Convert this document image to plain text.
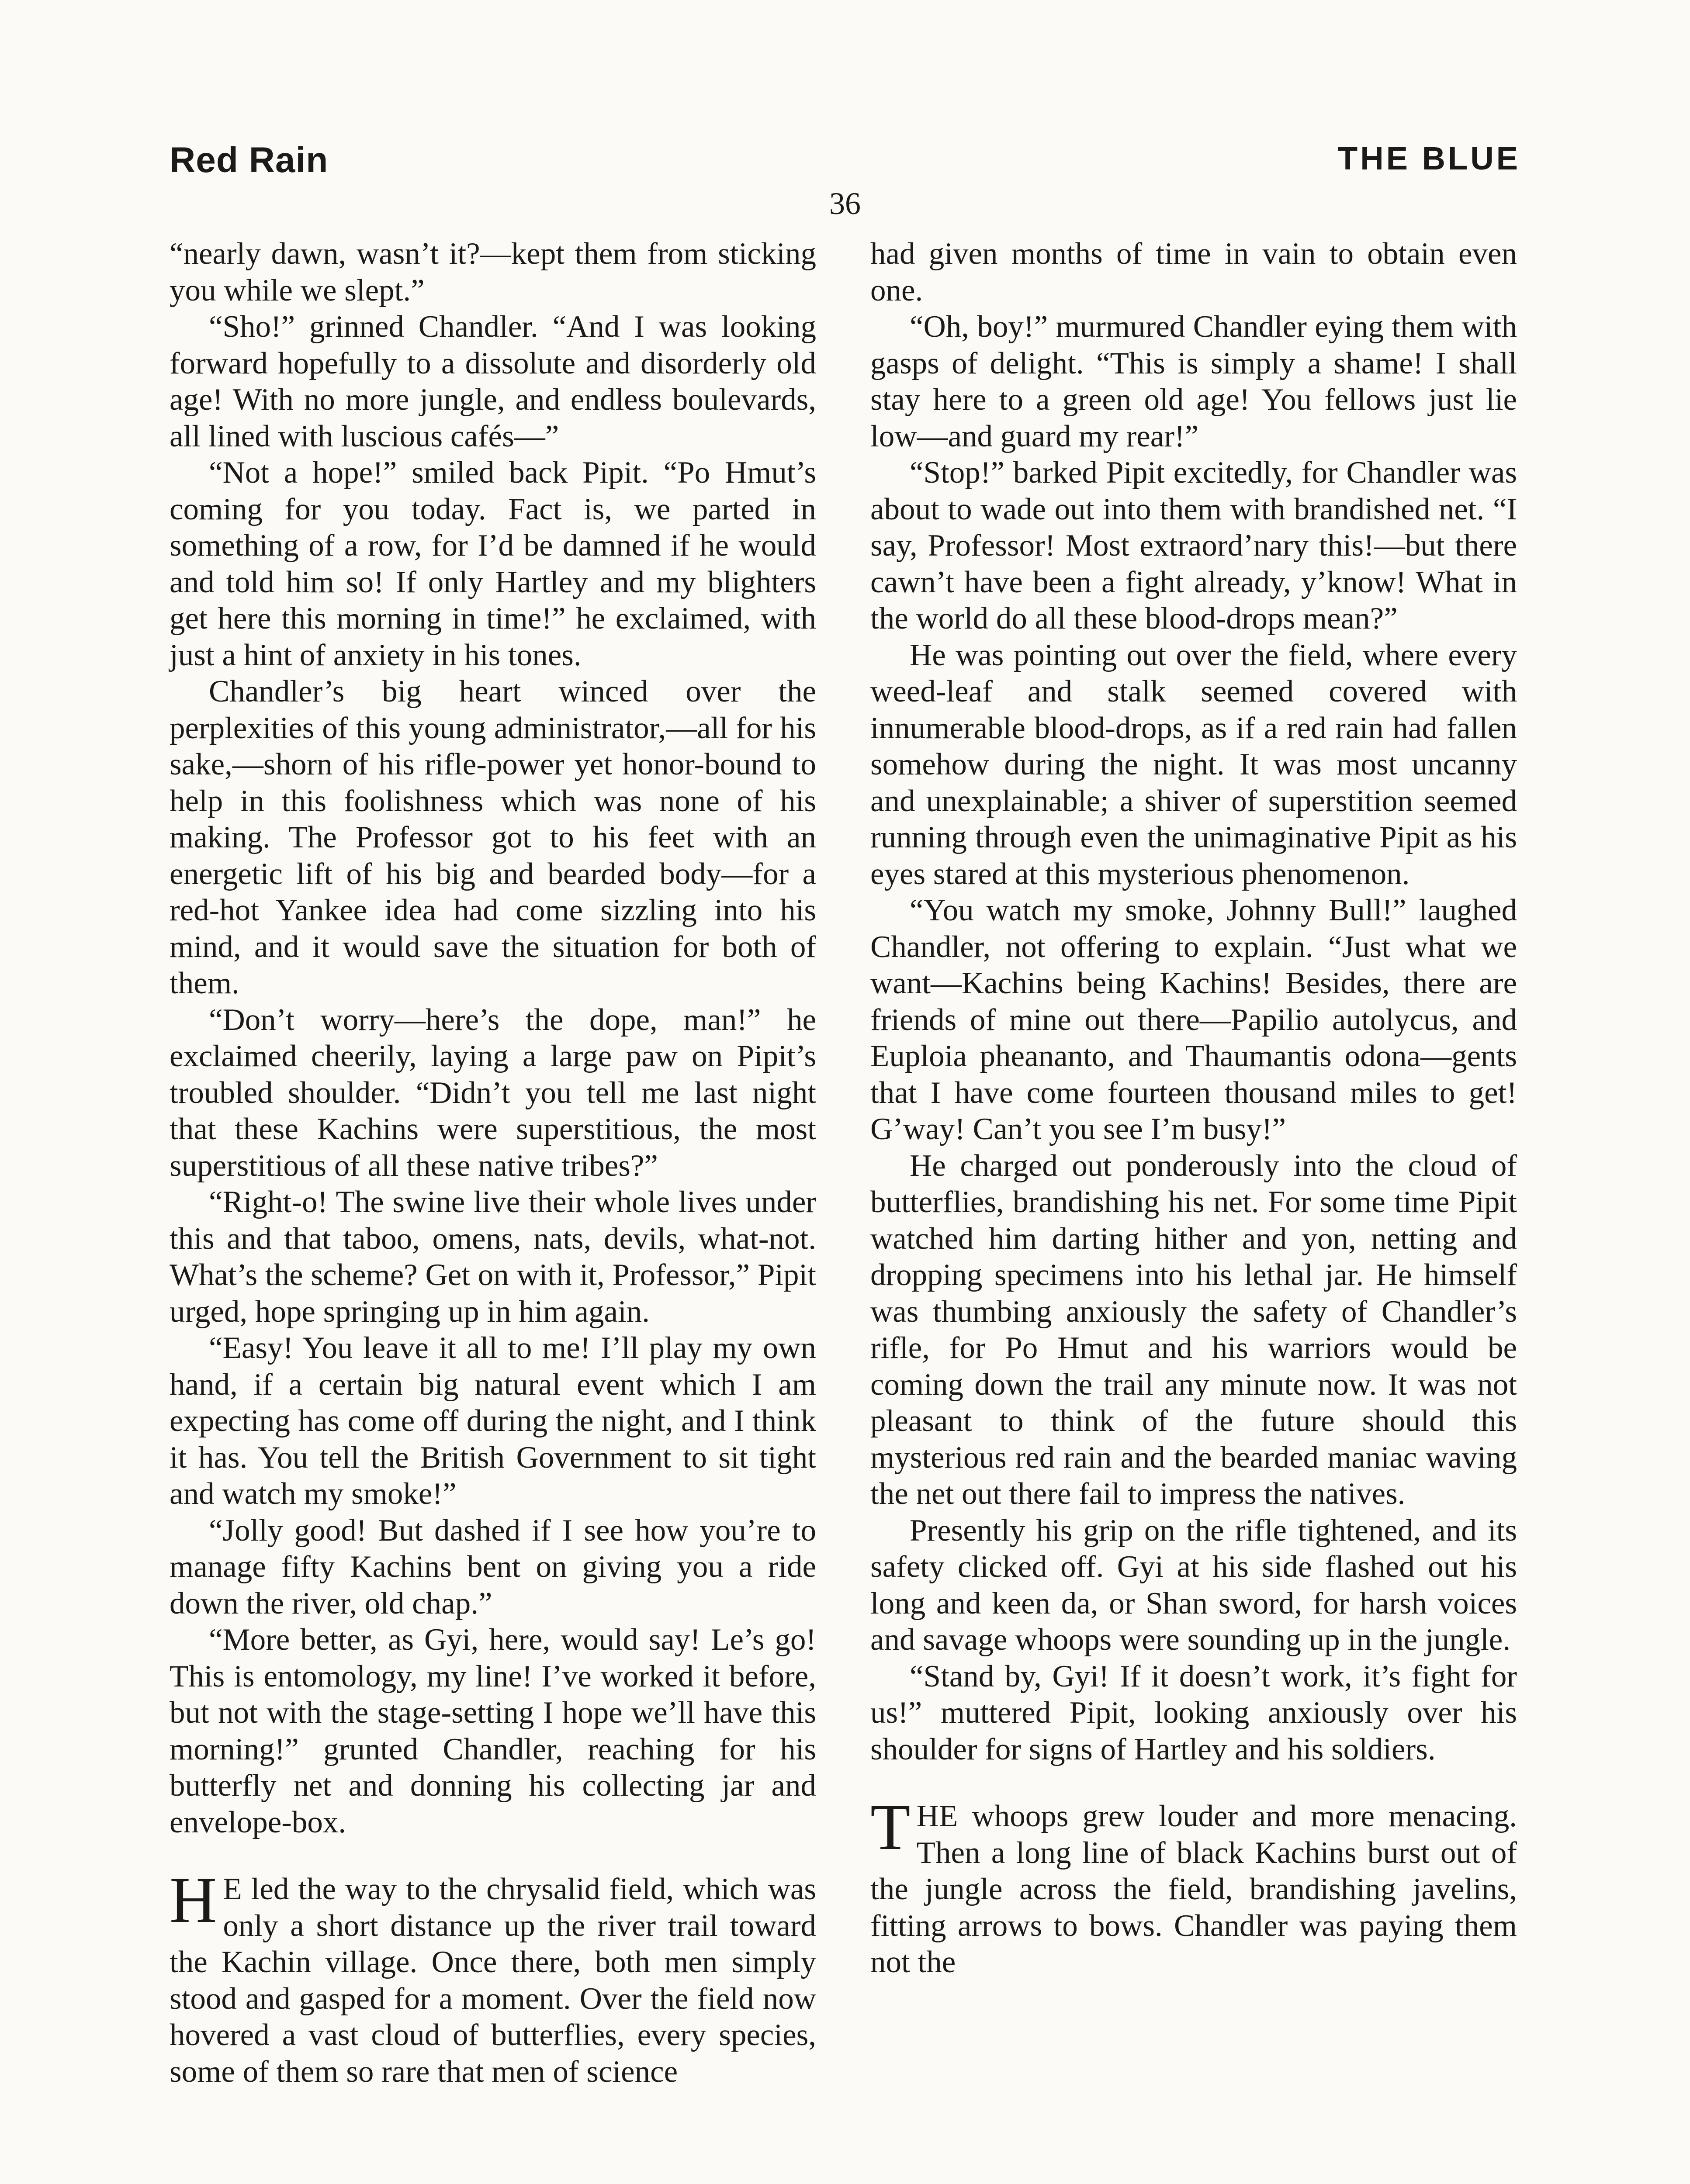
Red Rain	THE BLUE
36

“nearly dawn, wasn’t it?—kept them from sticking you while we slept.”

“Sho!” grinned Chandler. “And I was looking forward hopefully to a dissolute and disorderly old age! With no more jungle, and endless boulevards, all lined with luscious cafés—”

“Not a hope!” smiled back Pipit. “Po Hmut’s coming for you today. Fact is, we parted in something of a row, for I’d be damned if he would and told him so! If only Hartley and my blighters get here this morning in time!” he exclaimed, with just a hint of anxiety in his tones.

Chandler’s big heart winced over the perplexities of this young administrator,—all for his sake,—shorn of his rifle-power yet honor-bound to help in this foolishness which was none of his making. The Professor got to his feet with an energetic lift of his big and bearded body—for a red-hot Yankee idea had come sizzling into his mind, and it would save the situation for both of them.

“Don’t worry—here’s the dope, man!” he exclaimed cheerily, laying a large paw on Pipit’s troubled shoulder. “Didn’t you tell me last night that these Kachins were superstitious, the most superstitious of all these native tribes?”

“Right-o! The swine live their whole lives under this and that taboo, omens, nats, devils, what-not. What’s the scheme? Get on with it, Professor,” Pipit urged, hope springing up in him again.

“Easy! You leave it all to me! I’ll play my own hand, if a certain big natural event which I am expecting has come off during the night, and I think it has. You tell the British Government to sit tight and watch my smoke!”

“Jolly good! But dashed if I see how you’re to manage fifty Kachins bent on giving you a ride down the river, old chap.”

“More better, as Gyi, here, would say! Le’s go! This is entomology, my line! I’ve worked it before, but not with the stage-setting I hope we’ll have this morning!” grunted Chandler, reaching for his butterfly net and donning his collecting jar and envelope-box.

HE led the way to the chrysalid field, which was only a short distance up the river trail toward the Kachin village. Once there, both men simply stood and gasped for a moment. Over the field now hovered a vast cloud of butterflies, every species, some of them so rare that men of science

had given months of time in vain to obtain even one.

“Oh, boy!” murmured Chandler eying them with gasps of delight. “This is simply a shame! I shall stay here to a green old age! You fellows just lie low—and guard my rear!”

“Stop!” barked Pipit excitedly, for Chandler was about to wade out into them with brandished net. “I say, Professor! Most extraord’nary this!—but there cawn’t have been a fight already, y’know! What in the world do all these blood-drops mean?”

He was pointing out over the field, where every weed-leaf and stalk seemed covered with innumerable blood-drops, as if a red rain had fallen somehow during the night. It was most uncanny and unexplainable; a shiver of superstition seemed running through even the unimaginative Pipit as his eyes stared at this mysterious phenomenon.

“You watch my smoke, Johnny Bull!” laughed Chandler, not offering to explain. “Just what we want—Kachins being Kachins! Besides, there are friends of mine out there—Papilio autolycus, and Euploia pheananto, and Thaumantis odona—gents that I have come fourteen thousand miles to get! G’way! Can’t you see I’m busy!”

He charged out ponderously into the cloud of butterflies, brandishing his net. For some time Pipit watched him darting hither and yon, netting and dropping specimens into his lethal jar. He himself was thumbing anxiously the safety of Chandler’s rifle, for Po Hmut and his warriors would be coming down the trail any minute now. It was not pleasant to think of the future should this mysterious red rain and the bearded maniac waving the net out there fail to impress the natives.

Presently his grip on the rifle tightened, and its safety clicked off. Gyi at his side flashed out his long and keen da, or Shan sword, for harsh voices and savage whoops were sounding up in the jungle.

“Stand by, Gyi! If it doesn’t work, it’s fight for us!” muttered Pipit, looking anxiously over his shoulder for signs of Hartley and his soldiers.

THE whoops grew louder and more menacing. Then a long line of black Kachins burst out of the jungle across the field, brandishing javelins, fitting arrows to bows. Chandler was paying them not the
